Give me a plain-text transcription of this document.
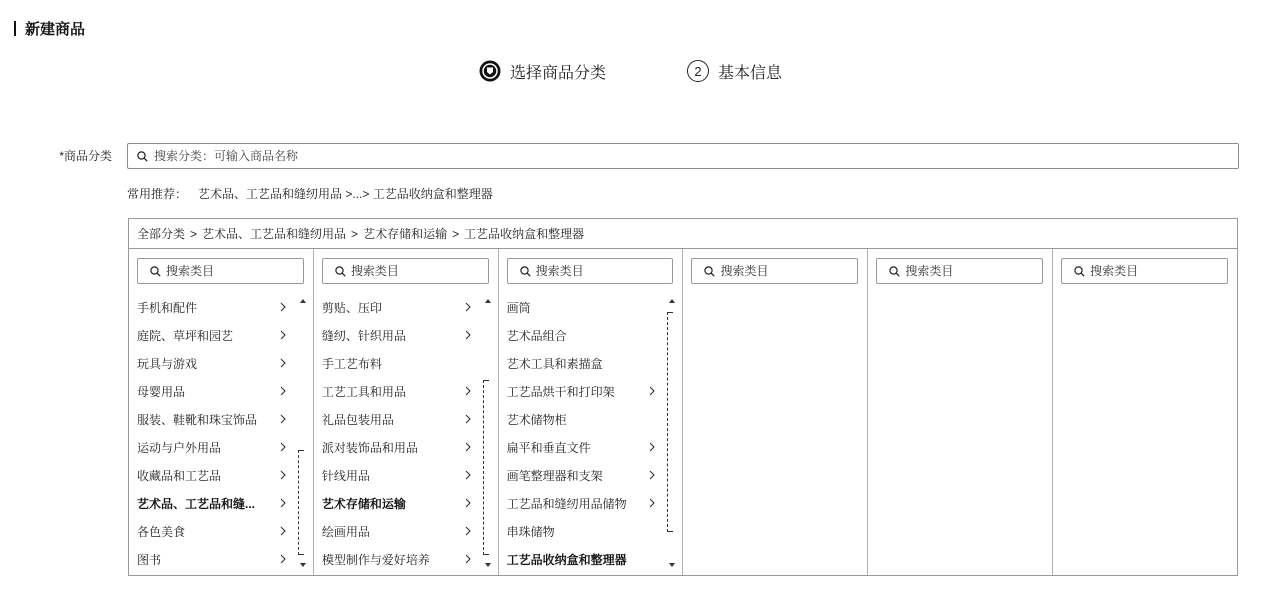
新建商品
选择商品分类	2	基本信息
*商品分类
搜索分类：可输入商品名称
常用推荐： 艺术品、工艺品和缝纫用品 >...> 工艺品收纳盒和整理器
全部分类 > 艺术品、工艺品和缝纫用品 > 艺术存储和运输 > 工艺品收纳盒和整理器
搜索类目
手机和配件
庭院、草坪和园艺
玩具与游戏
母婴用品
服装、鞋靴和珠宝饰品
运动与户外用品
收藏品和工艺品
艺术品、工艺品和缝...
各色美食
图书
搜索类目
剪贴、压印
缝纫、针织用品
手工艺布料
工艺工具和用品
礼品包装用品
派对装饰品和用品
针线用品
艺术存储和运输
绘画用品
模型制作与爱好培养
搜索类目
画筒
艺术品组合
艺术工具和素描盒
工艺品烘干和打印架
艺术储物柜
扁平和垂直文件
画笔整理器和支架
工艺品和缝纫用品储物
串珠储物
工艺品收纳盒和整理器
搜索类目
搜索类目
搜索类目
